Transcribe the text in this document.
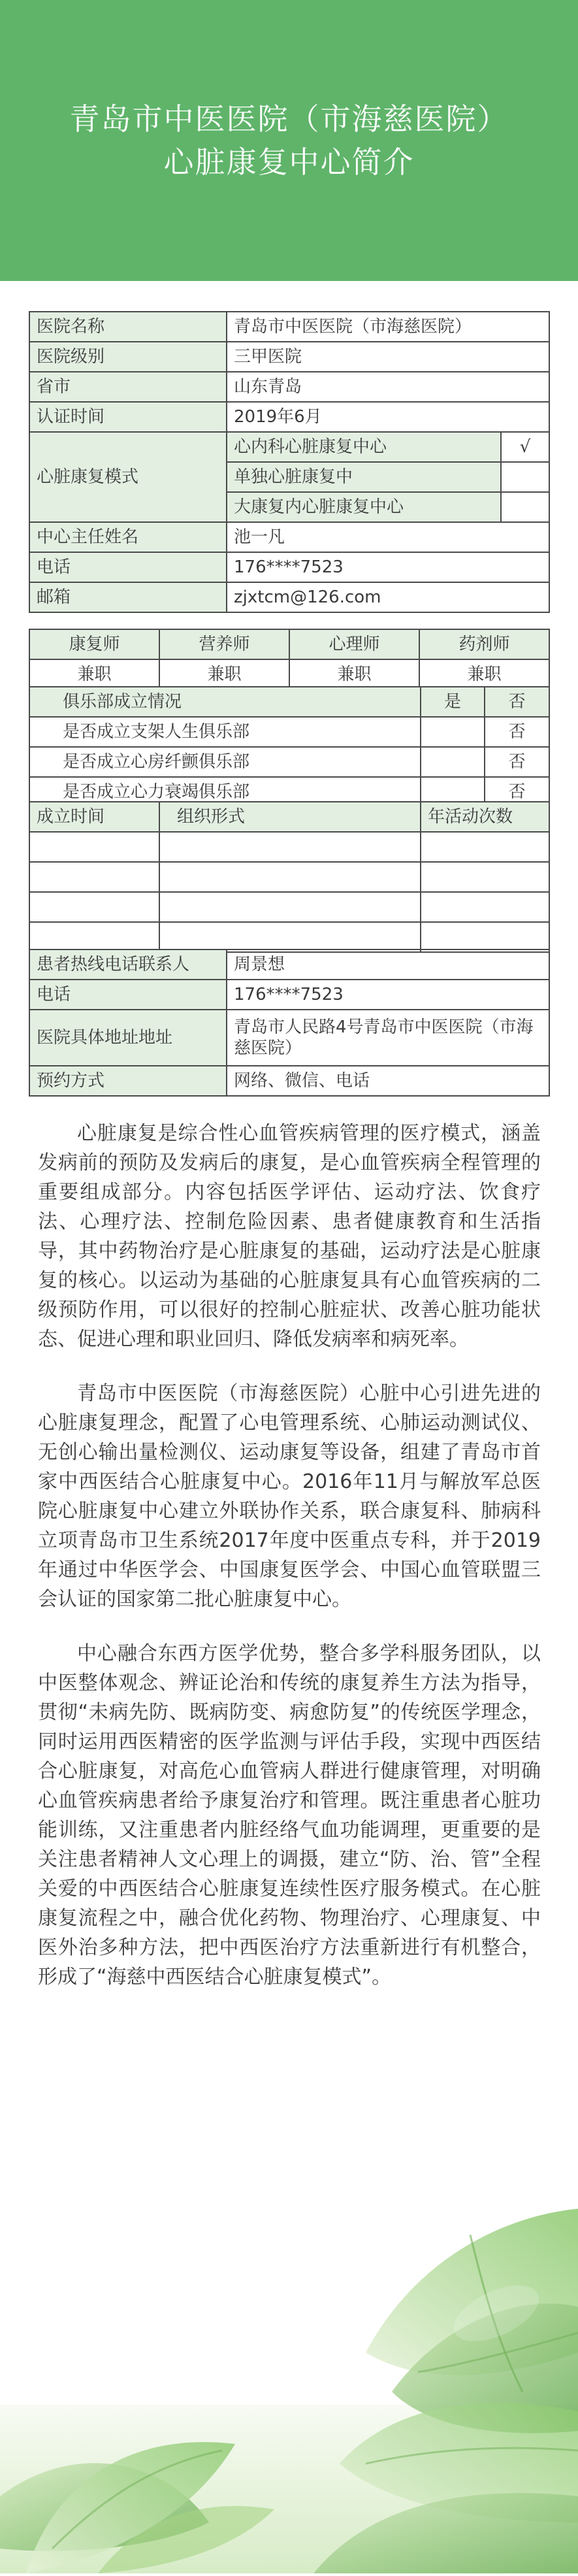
青岛市中医医院（市海慈医院）

心脏康复中心简介

医院名称	青岛市中医医院（市海慈医院）	
医院级别	三甲医院	
省市	山东青岛	
认证时间	2019年6月	
心脏康复模式	心内科心脏康复中心	√
	单独心脏康复中	
	大康复内心脏康复中心	
中心主任姓名	池一凡	
电话	176****7523	
邮箱	zjxtcm@126.com	
康复师	营养师	心理师	药剂师
兼职	兼职	兼职	兼职
俱乐部成立情况	是	否
是否成立支架人生俱乐部		否
是否成立心房纤颤俱乐部		否
是否成立心力衰竭俱乐部		否
成立时间	组织形式	年活动次数

患者热线电话联系人	周景想
电话	176****7523
医院具体地址地址	青岛市人民路4号青岛市中医医院（市海慈医院）
预约方式	网络、微信、电话

心脏康复是综合性心血管疾病管理的医疗模式，涵盖发病前的预防及发病后的康复，是心血管疾病全程管理的重要组成部分。内容包括医学评估、运动疗法、饮食疗法、心理疗法、控制危险因素、患者健康教育和生活指导，其中药物治疗是心脏康复的基础，运动疗法是心脏康复的核心。以运动为基础的心脏康复具有心血管疾病的二级预防作用，可以很好的控制心脏症状、改善心脏功能状态、促进心理和职业回归、降低发病率和病死率。

青岛市中医医院（市海慈医院）心脏中心引进先进的心脏康复理念，配置了心电管理系统、心肺运动测试仪、无创心输出量检测仪、运动康复等设备，组建了青岛市首家中西医结合心脏康复中心。2016年11月与解放军总医院心脏康复中心建立外联协作关系，联合康复科、肺病科立项青岛市卫生系统2017年度中医重点专科，并于2019年通过中华医学会、中国康复医学会、中国心血管联盟三会认证的国家第二批心脏康复中心。

中心融合东西方医学优势，整合多学科服务团队，以中医整体观念、辨证论治和传统的康复养生方法为指导，贯彻“未病先防、既病防变、病愈防复”的传统医学理念，同时运用西医精密的医学监测与评估手段，实现中西医结合心脏康复，对高危心血管病人群进行健康管理，对明确心血管疾病患者给予康复治疗和管理。既注重患者心脏功能训练，又注重患者内脏经络气血功能调理，更重要的是关注患者精神人文心理上的调摄，建立“防、治、管”全程关爱的中西医结合心脏康复连续性医疗服务模式。在心脏康复流程之中，融合优化药物、物理治疗、心理康复、中医外治多种方法，把中西医治疗方法重新进行有机整合，形成了“海慈中西医结合心脏康复模式”。
